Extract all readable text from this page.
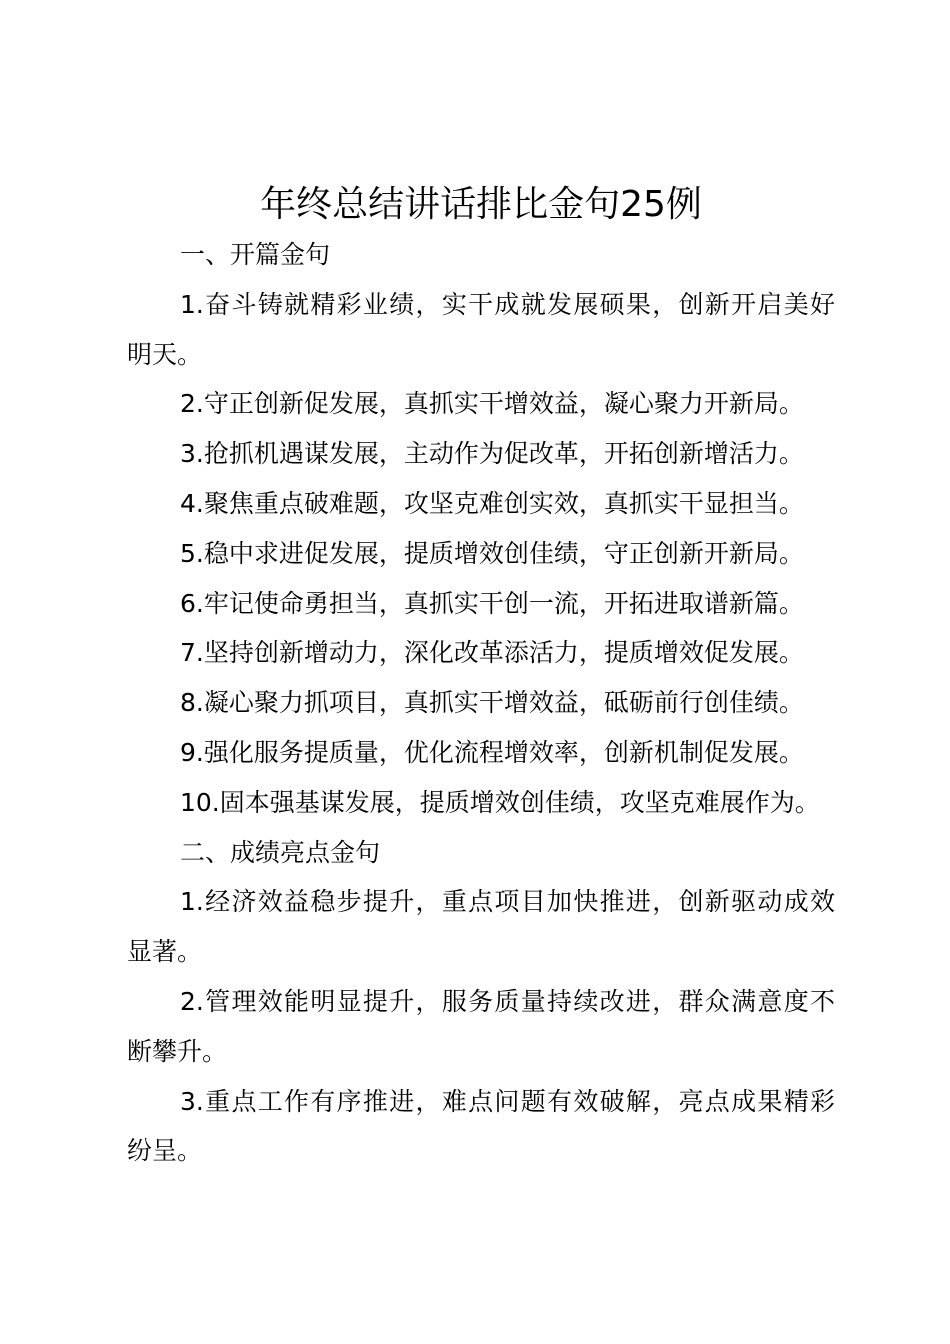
年终总结讲话排比金句25例
一、开篇金句
1.奋斗铸就精彩业绩，实干成就发展硕果，创新开启美好
明天。
2.守正创新促发展，真抓实干增效益，凝心聚力开新局。
3.抢抓机遇谋发展，主动作为促改革，开拓创新增活力。
4.聚焦重点破难题，攻坚克难创实效，真抓实干显担当。
5.稳中求进促发展，提质增效创佳绩，守正创新开新局。
6.牢记使命勇担当，真抓实干创一流，开拓进取谱新篇。
7.坚持创新增动力，深化改革添活力，提质增效促发展。
8.凝心聚力抓项目，真抓实干增效益，砥砺前行创佳绩。
9.强化服务提质量，优化流程增效率，创新机制促发展。
10.固本强基谋发展，提质增效创佳绩，攻坚克难展作为。
二、成绩亮点金句
1.经济效益稳步提升，重点项目加快推进，创新驱动成效
显著。
2.管理效能明显提升，服务质量持续改进，群众满意度不
断攀升。
3.重点工作有序推进，难点问题有效破解，亮点成果精彩
纷呈。
